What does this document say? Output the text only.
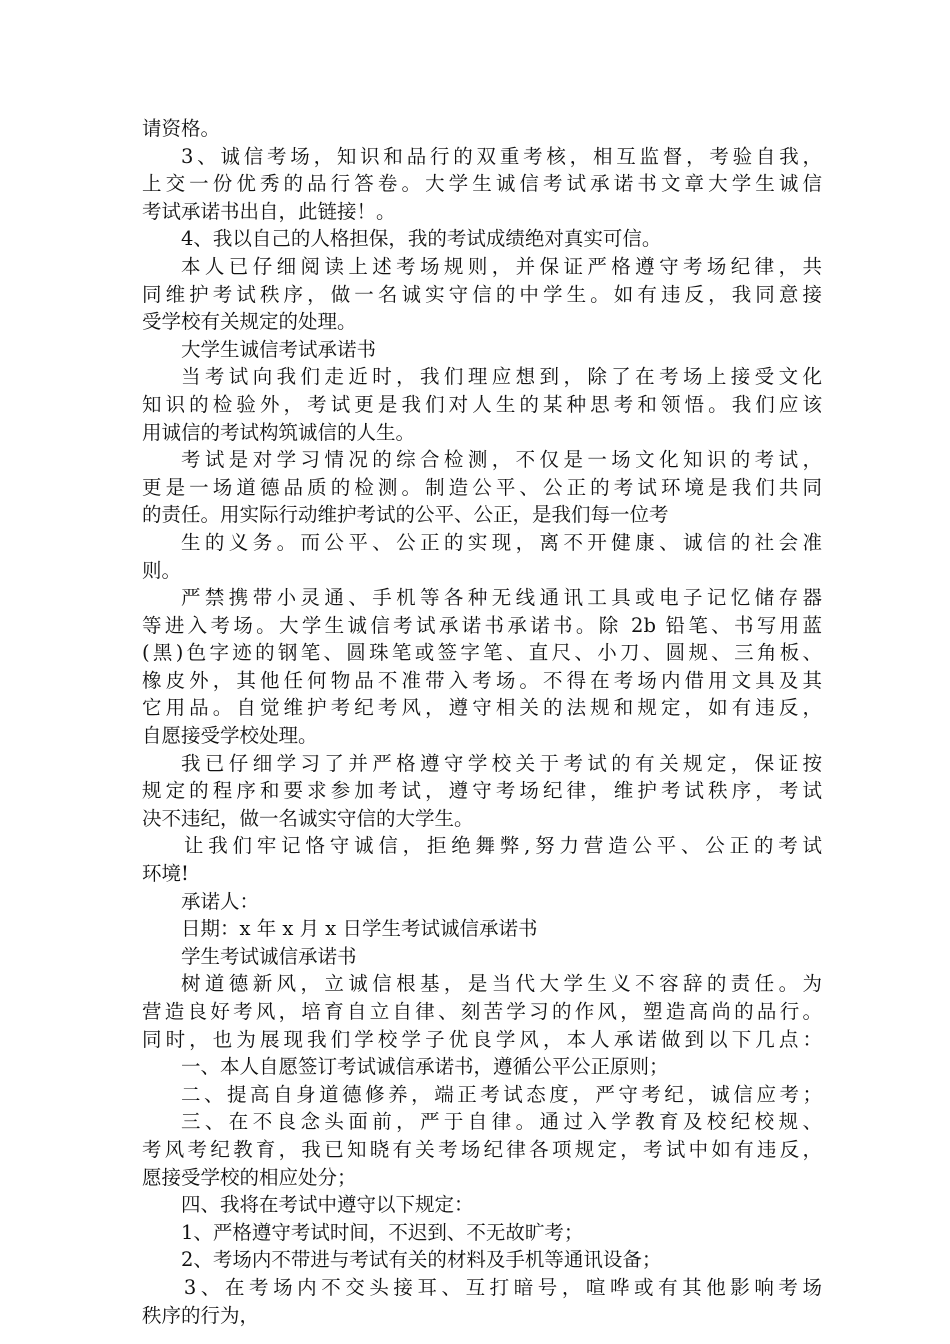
请资格。
3、诚信考场，知识和品行的双重考核，相互监督，考验自我，
上交一份优秀的品行答卷。大学生诚信考试承诺书文章大学生诚信
考试承诺书出自，此链接！。
4、我以自己的人格担保，我的考试成绩绝对真实可信。
本人已仔细阅读上述考场规则，并保证严格遵守考场纪律，共
同维护考试秩序，做一名诚实守信的中学生。如有违反，我同意接
受学校有关规定的处理。
大学生诚信考试承诺书
当考试向我们走近时，我们理应想到，除了在考场上接受文化
知识的检验外，考试更是我们对人生的某种思考和领悟。我们应该
用诚信的考试构筑诚信的人生。
考试是对学习情况的综合检测，不仅是一场文化知识的考试，
更是一场道德品质的检测。制造公平、公正的考试环境是我们共同
的责任。用实际行动维护考试的公平、公正，是我们每一位考
生的义务。而公平、公正的实现，离不开健康、诚信的社会准
则。
严禁携带小灵通、手机等各种无线通讯工具或电子记忆储存器
等进入考场。大学生诚信考试承诺书承诺书。除 2b 铅笔、书写用蓝
(黑)色字迹的钢笔、圆珠笔或签字笔、直尺、小刀、圆规、三角板、
橡皮外，其他任何物品不准带入考场。不得在考场内借用文具及其
它用品。自觉维护考纪考风，遵守相关的法规和规定，如有违反，
自愿接受学校处理。
我已仔细学习了并严格遵守学校关于考试的有关规定，保证按
规定的程序和要求参加考试，遵守考场纪律，维护考试秩序，考试
决不违纪，做一名诚实守信的大学生。
让我们牢记恪守诚信，拒绝舞弊,努力营造公平、公正的考试
环境!
承诺人：
日期：x 年 x 月 x 日学生考试诚信承诺书
学生考试诚信承诺书
树道德新风，立诚信根基，是当代大学生义不容辞的责任。为
营造良好考风，培育自立自律、刻苦学习的作风，塑造高尚的品行。
同时，也为展现我们学校学子优良学风，本人承诺做到以下几点：
一、本人自愿签订考试诚信承诺书，遵循公平公正原则；
二、提高自身道德修养，端正考试态度，严守考纪，诚信应考；
三、在不良念头面前，严于自律。通过入学教育及校纪校规、
考风考纪教育，我已知晓有关考场纪律各项规定，考试中如有违反，
愿接受学校的相应处分；
四、我将在考试中遵守以下规定：
1、严格遵守考试时间，不迟到、不无故旷考；
2、考场内不带进与考试有关的材料及手机等通讯设备；
3、在考场内不交头接耳、互打暗号，喧哗或有其他影响考场
秩序的行为，
